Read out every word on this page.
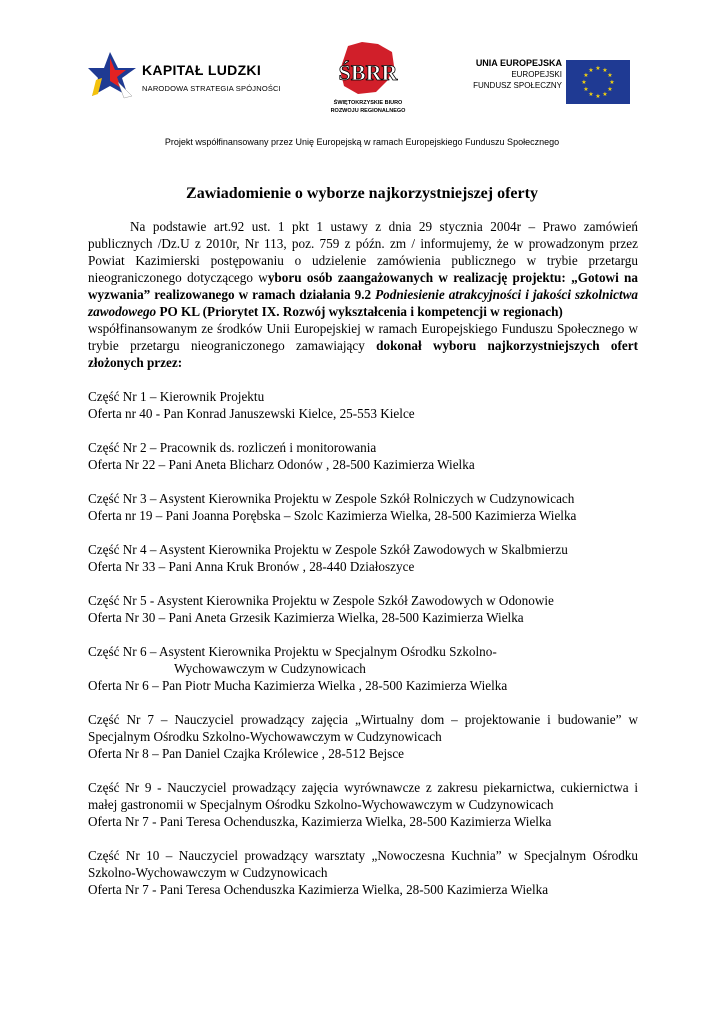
KAPITAŁ LUDZKI
NARODOWA STRATEGIA SPÓJNOŚCI
ŚBRR
ŚWIĘTOKRZYSKIE BIURO
ROZWOJU REGIONALNEGO
UNIA EUROPEJSKA
EUROPEJSKI
FUNDUSZ SPOŁECZNY
★ ★
★
★
★
★
★
★
★
★
★
★
Projekt współfinansowany przez Unię Europejską w ramach Europejskiego Funduszu Społecznego
Zawiadomienie o wyborze najkorzystniejszej oferty

Na podstawie art.92 ust. 1 pkt 1 ustawy z dnia 29 stycznia 2004r – Prawo zamówień publicznych /Dz.U z 2010r, Nr 113, poz. 759 z późn. zm / informujemy, że w prowadzonym przez Powiat Kazimierski postępowaniu o udzielenie zamówienia publicznego w trybie przetargu nieograniczonego dotyczącego wyboru osób zaangażowanych w realizację projektu: „Gotowi na wyzwania” realizowanego w ramach działania 9.2 Podniesienie atrakcyjności i jakości szkolnictwa zawodowego PO KL (Priorytet IX. Rozwój wykształcenia i kompetencji w regionach)

współfinansowanym ze środków Unii Europejskiej w ramach Europejskiego Funduszu Społecznego w trybie przetargu nieograniczonego zamawiający dokonał wyboru najkorzystniejszych ofert złożonych przez:

Część Nr 1 – Kierownik Projektu
Oferta nr 40 - Pan Konrad Januszewski Kielce, 25-553 Kielce
Część Nr 2 – Pracownik ds. rozliczeń i monitorowania
Oferta Nr 22 – Pani Aneta Blicharz Odonów , 28-500 Kazimierza Wielka
Część Nr 3 – Asystent Kierownika Projektu w Zespole Szkół Rolniczych w Cudzynowicach
Oferta nr 19 – Pani Joanna Porębska – Szolc Kazimierza Wielka, 28-500 Kazimierza Wielka
Część Nr 4 – Asystent Kierownika Projektu w Zespole Szkół Zawodowych w Skalbmierzu
Oferta Nr 33 – Pani Anna Kruk Bronów , 28-440 Działoszyce
Część Nr 5 - Asystent Kierownika Projektu w Zespole Szkół Zawodowych w Odonowie
Oferta Nr 30 – Pani Aneta Grzesik Kazimierza Wielka, 28-500 Kazimierza Wielka
Część Nr 6 – Asystent Kierownika Projektu w Specjalnym Ośrodku Szkolno-
Wychowawczym w Cudzynowicach
Oferta Nr 6 – Pan Piotr Mucha Kazimierza Wielka , 28-500 Kazimierza Wielka
Część Nr 7 – Nauczyciel prowadzący zajęcia „Wirtualny dom – projektowanie i budowanie” w Specjalnym Ośrodku Szkolno-Wychowawczym w Cudzynowicach
Oferta Nr 8 – Pan Daniel Czajka Królewice , 28-512 Bejsce
Część Nr 9 - Nauczyciel prowadzący zajęcia wyrównawcze z zakresu piekarnictwa, cukiernictwa i małej gastronomii w Specjalnym Ośrodku Szkolno-Wychowawczym w Cudzynowicach
Oferta Nr 7 - Pani Teresa Ochenduszka, Kazimierza Wielka, 28-500 Kazimierza Wielka
Część Nr 10 – Nauczyciel prowadzący warsztaty „Nowoczesna Kuchnia” w Specjalnym Ośrodku Szkolno-Wychowawczym w Cudzynowicach
Oferta Nr 7 - Pani Teresa Ochenduszka Kazimierza Wielka, 28-500 Kazimierza Wielka
